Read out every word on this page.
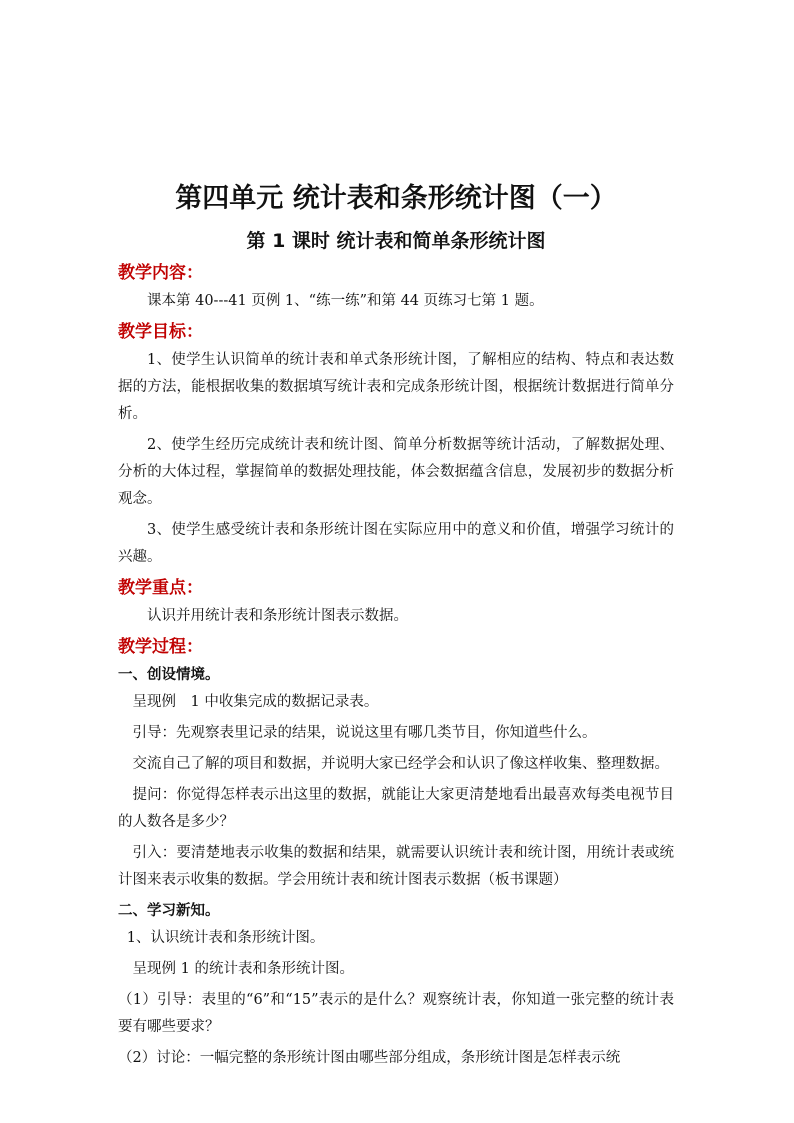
第四单元 统计表和条形统计图（一）
第 1 课时 统计表和简单条形统计图
教学内容：

课本第 40---41 页例 1、“练一练”和第 44 页练习七第 1 题。

教学目标：

1、使学生认识简单的统计表和单式条形统计图，了解相应的结构、特点和表达数据的方法，能根据收集的数据填写统计表和完成条形统计图，根据统计数据进行简单分析。

2、使学生经历完成统计表和统计图、简单分析数据等统计活动，了解数据处理、分析的大体过程，掌握简单的数据处理技能，体会数据蕴含信息，发展初步的数据分析观念。

3、使学生感受统计表和条形统计图在实际应用中的意义和价值，增强学习统计的兴趣。

教学重点：

认识并用统计表和条形统计图表示数据。

教学过程：
一、创设情境。

呈现例　1 中收集完成的数据记录表。

引导：先观察表里记录的结果，说说这里有哪几类节目，你知道些什么。

交流自己了解的项目和数据，并说明大家已经学会和认识了像这样收集、整理数据。

提问：你觉得怎样表示出这里的数据，就能让大家更清楚地看出最喜欢每类电视节目的人数各是多少？

引入：要清楚地表示收集的数据和结果，就需要认识统计表和统计图，用统计表或统计图来表示收集的数据。学会用统计表和统计图表示数据（板书课题）

二、学习新知。

1、认识统计表和条形统计图。

呈现例 1 的统计表和条形统计图。

（1）引导：表里的“6”和“15”表示的是什么？观察统计表，你知道一张完整的统计表要有哪些要求？

（2）讨论：一幅完整的条形统计图由哪些部分组成，条形统计图是怎样表示统
